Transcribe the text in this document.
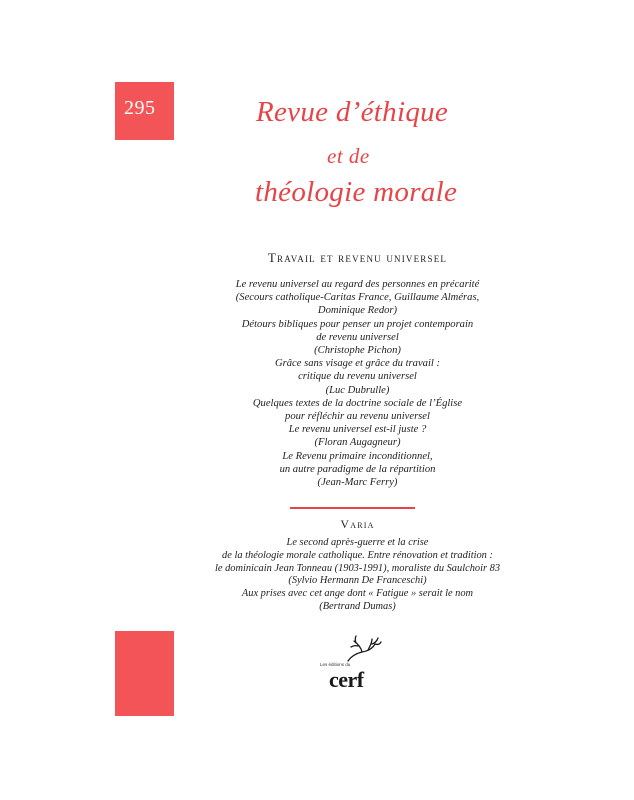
295	Revue d’éthique
et de
théologie morale
Travail et revenu universel
Le revenu universel au regard des personnes en précarité
(Secours catholique-Caritas France, Guillaume Alméras,
Dominique Redor)
Détours bibliques pour penser un projet contemporain
de revenu universel
(Christophe Pichon)
Grâce sans visage et grâce du travail :
critique du revenu universel
(Luc Dubrulle)
Quelques textes de la doctrine sociale de l’Église
pour réfléchir au revenu universel
Le revenu universel est-il juste ?
(Floran Augagneur)
Le Revenu primaire inconditionnel,
un autre paradigme de la répartition
(Jean-Marc Ferry)
Varia
Le second après-guerre et la crise
de la théologie morale catholique. Entre rénovation et tradition :
le dominicain Jean Tonneau (1903-1991), moraliste du Saulchoir 83
(Sylvio Hermann De Franceschi)
Aux prises avec cet ange dont « Fatigue » serait le nom
(Bertrand Dumas)
Les éditions du
cerf
